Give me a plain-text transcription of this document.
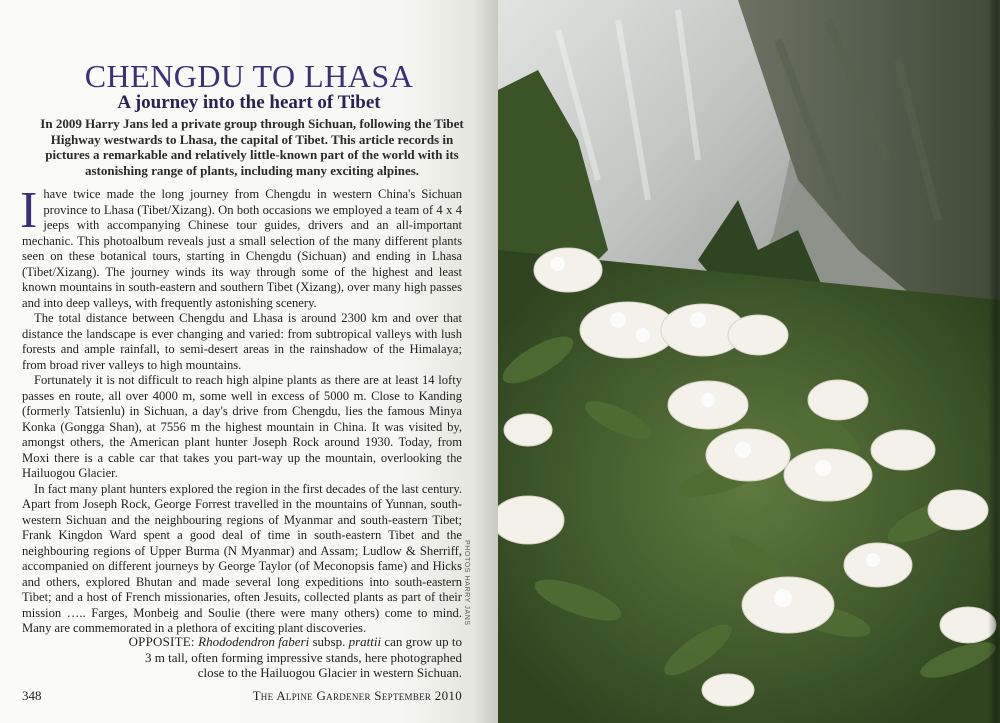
CHENGDU TO LHASA
A journey into the heart of Tibet
In 2009 Harry Jans led a private group through Sichuan, following the Tibet Highway westwards to Lhasa, the capital of Tibet. This article records in pictures a remarkable and relatively little-known part of the world with its astonishing range of plants, including many exciting alpines.

Ihave twice made the long journey from Chengdu in western China's Sichuan province to Lhasa (Tibet/Xizang). On both occasions we employed a team of 4 x 4 jeeps with accompanying Chinese tour guides, drivers and an all-important mechanic. This photoalbum reveals just a small selection of the many different plants seen on these botanical tours, starting in Chengdu (Sichuan) and ending in Lhasa (Tibet/Xizang). The journey winds its way through some of the highest and least known mountains in south-eastern and southern Tibet (Xizang), over many high passes and into deep valleys, with frequently astonishing scenery.

The total distance between Chengdu and Lhasa is around 2300 km and over that distance the landscape is ever changing and varied: from subtropical valleys with lush forests and ample rainfall, to semi-desert areas in the rainshadow of the Himalaya; from broad river valleys to high mountains.

Fortunately it is not difficult to reach high alpine plants as there are at least 14 lofty passes en route, all over 4000 m, some well in excess of 5000 m. Close to Kanding (formerly Tatsienlu) in Sichuan, a day's drive from Chengdu, lies the famous Minya Konka (Gongga Shan), at 7556 m the highest mountain in China. It was visited by, amongst others, the American plant hunter Joseph Rock around 1930. Today, from Moxi there is a cable car that takes you part-way up the mountain, overlooking the Hailuogou Glacier.

In fact many plant hunters explored the region in the first decades of the last century. Apart from Joseph Rock, George Forrest travelled in the mountains of Yunnan, south-western Sichuan and the neighbouring regions of Myanmar and south-eastern Tibet; Frank Kingdon Ward spent a good deal of time in south-eastern Tibet and the neighbouring regions of Upper Burma (N Myanmar) and Assam; Ludlow & Sherriff, accompanied on different journeys by George Taylor (of Meconopsis fame) and Hicks and others, explored Bhutan and made several long expeditions into south-eastern Tibet; and a host of French missionaries, often Jesuits, collected plants as part of their mission ….. Farges, Monbeig and Soulie (there were many others) come to mind. Many are commemorated in a plethora of exciting plant discoveries.

OPPOSITE: Rhododendron faberi subsp. prattii can grow up to 3 m tall, often forming impressive stands, here photographed close to the Hailuogou Glacier in western Sichuan.
PHOTOS HARRY JANS
348	The Alpine Gardener September 2010
